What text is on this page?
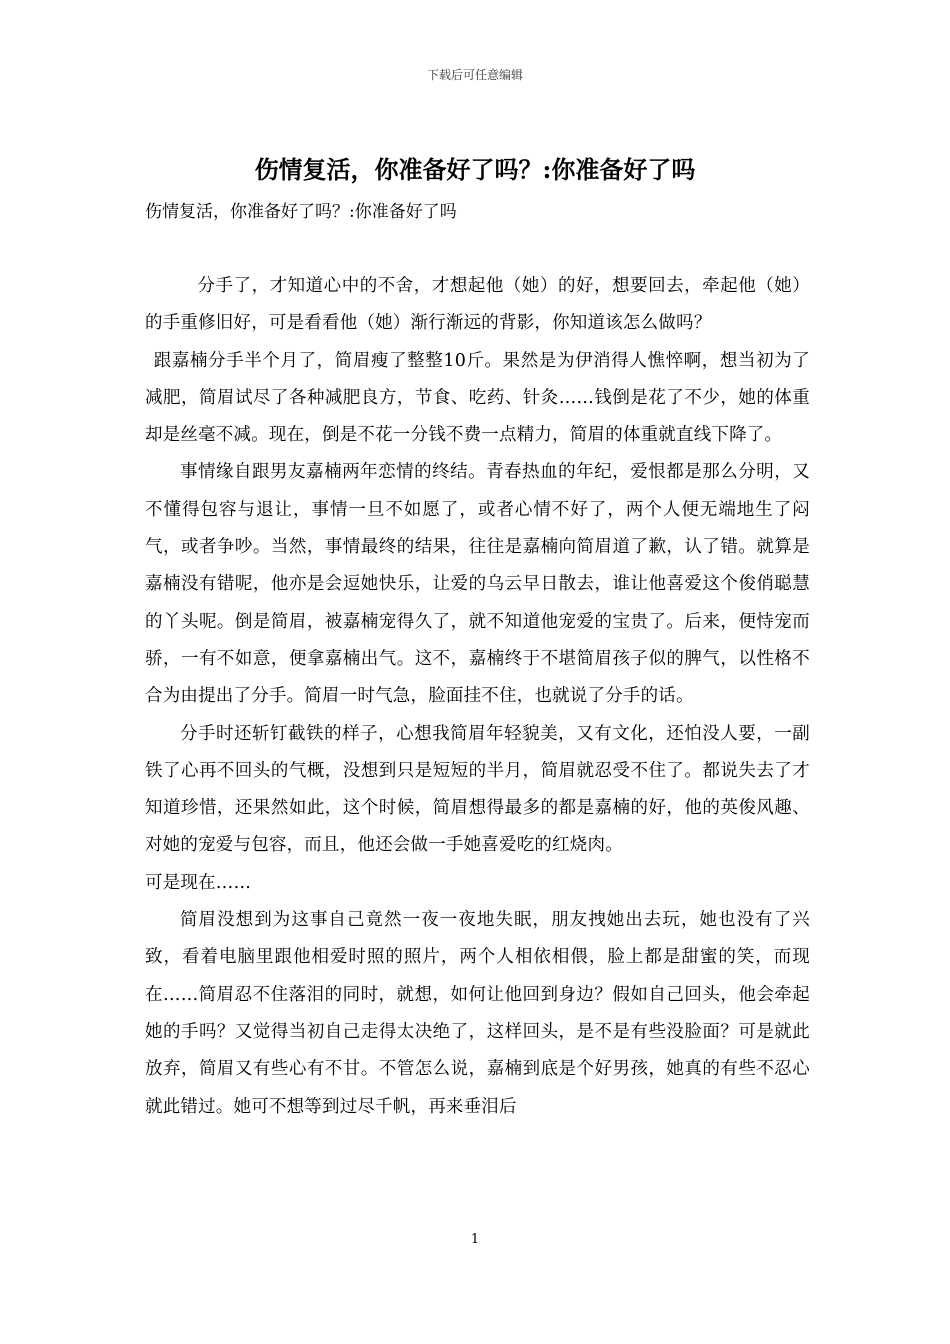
下载后可任意编辑
伤情复活，你准备好了吗？:你准备好了吗

伤情复活，你准备好了吗？:你准备好了吗

分手了，才知道心中的不舍，才想起他（她）的好，想要回去，牵起他（她）的手重修旧好，可是看看他（她）渐行渐远的背影，你知道该怎么做吗？

跟嘉楠分手半个月了，简眉瘦了整整10斤。果然是为伊消得人憔悴啊，想当初为了减肥，简眉试尽了各种减肥良方，节食、吃药、针灸……钱倒是花了不少，她的体重却是丝毫不减。现在，倒是不花一分钱不费一点精力，简眉的体重就直线下降了。

事情缘自跟男友嘉楠两年恋情的终结。青春热血的年纪，爱恨都是那么分明，又不懂得包容与退让，事情一旦不如愿了，或者心情不好了，两个人便无端地生了闷气，或者争吵。当然，事情最终的结果，往往是嘉楠向简眉道了歉，认了错。就算是嘉楠没有错呢，他亦是会逗她快乐，让爱的乌云早日散去，谁让他喜爱这个俊俏聪慧的丫头呢。倒是简眉，被嘉楠宠得久了，就不知道他宠爱的宝贵了。后来，便恃宠而骄，一有不如意，便拿嘉楠出气。这不，嘉楠终于不堪简眉孩子似的脾气，以性格不合为由提出了分手。简眉一时气急，脸面挂不住，也就说了分手的话。

分手时还斩钉截铁的样子，心想我简眉年轻貌美，又有文化，还怕没人要，一副铁了心再不回头的气概，没想到只是短短的半月，简眉就忍受不住了。都说失去了才知道珍惜，还果然如此，这个时候，简眉想得最多的都是嘉楠的好，他的英俊风趣、对她的宠爱与包容，而且，他还会做一手她喜爱吃的红烧肉。

可是现在……

简眉没想到为这事自己竟然一夜一夜地失眠，朋友拽她出去玩，她也没有了兴致，看着电脑里跟他相爱时照的照片，两个人相依相偎，脸上都是甜蜜的笑，而现在……简眉忍不住落泪的同时，就想，如何让他回到身边？假如自己回头，他会牵起她的手吗？又觉得当初自己走得太决绝了，这样回头，是不是有些没脸面？可是就此放弃，简眉又有些心有不甘。不管怎么说，嘉楠到底是个好男孩，她真的有些不忍心就此错过。她可不想等到过尽千帆，再来垂泪后

1
